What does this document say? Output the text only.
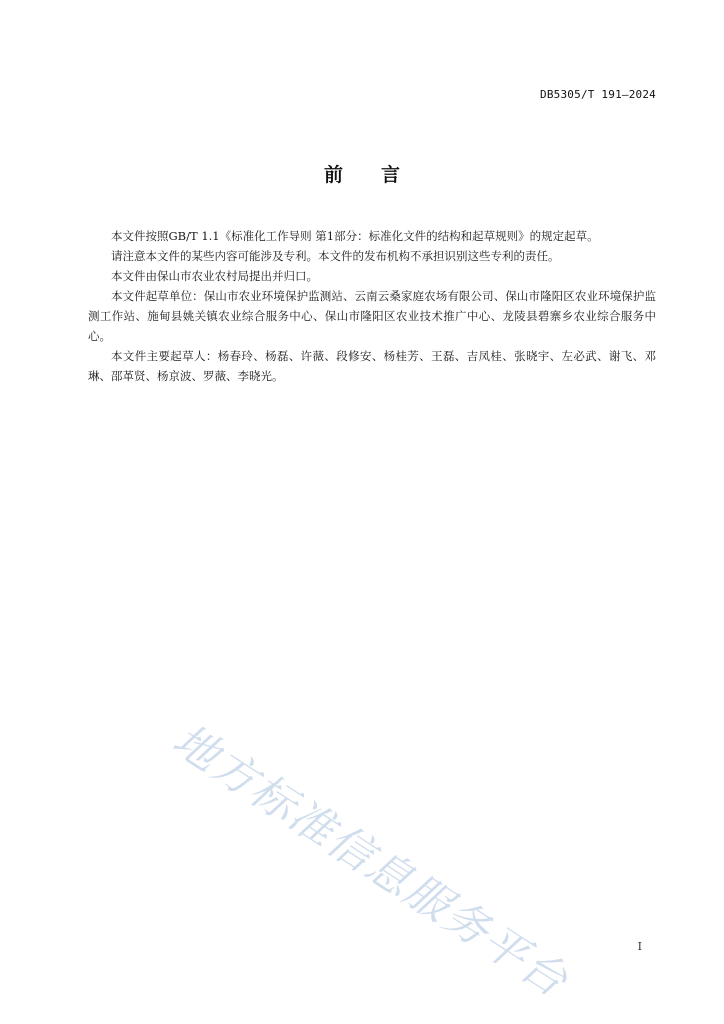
DB5305/T 191—2024
前 言

本文件按照GB/T 1.1《标准化工作导则 第1部分：标准化文件的结构和起草规则》的规定起草。

请注意本文件的某些内容可能涉及专利。本文件的发布机构不承担识别这些专利的责任。

本文件由保山市农业农村局提出并归口。

本文件起草单位：保山市农业环境保护监测站、云南云桑家庭农场有限公司、保山市隆阳区农业环境保护监测工作站、施甸县姚关镇农业综合服务中心、保山市隆阳区农业技术推广中心、龙陵县碧寨乡农业综合服务中心。

本文件主要起草人：杨春玲、杨磊、许薇、段修安、杨桂芳、王磊、吉凤桂、张晓宇、左必武、谢飞、邓琳、邵革贤、杨京波、罗薇、李晓光。

地方标准信息服务平台	I
